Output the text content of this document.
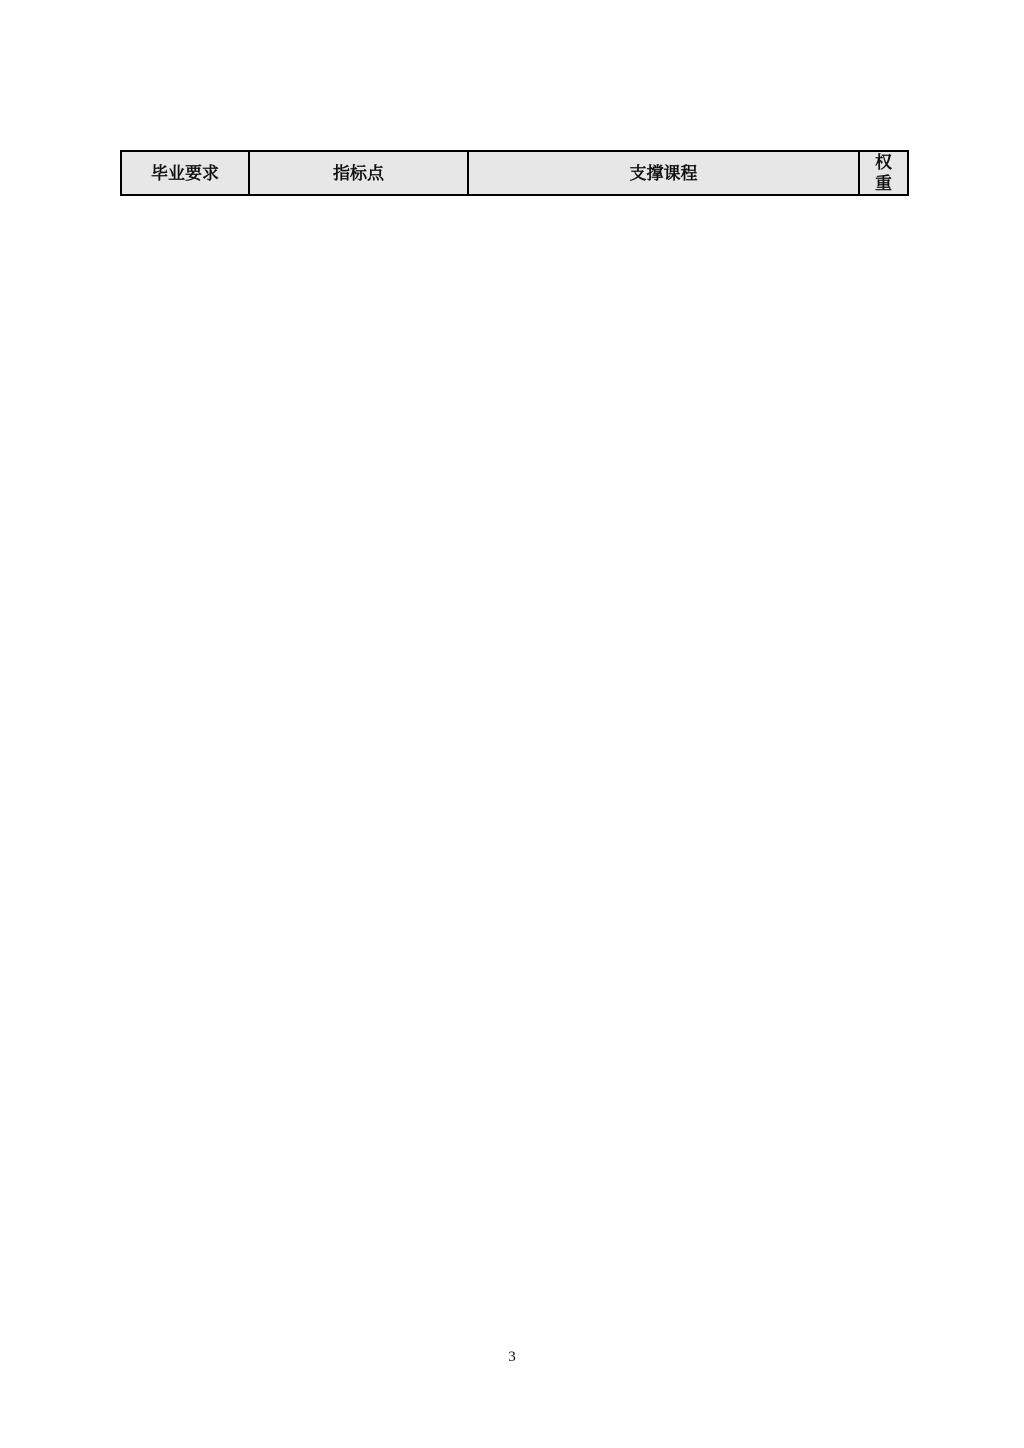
毕业要求	指标点	支撑课程	权重
3
